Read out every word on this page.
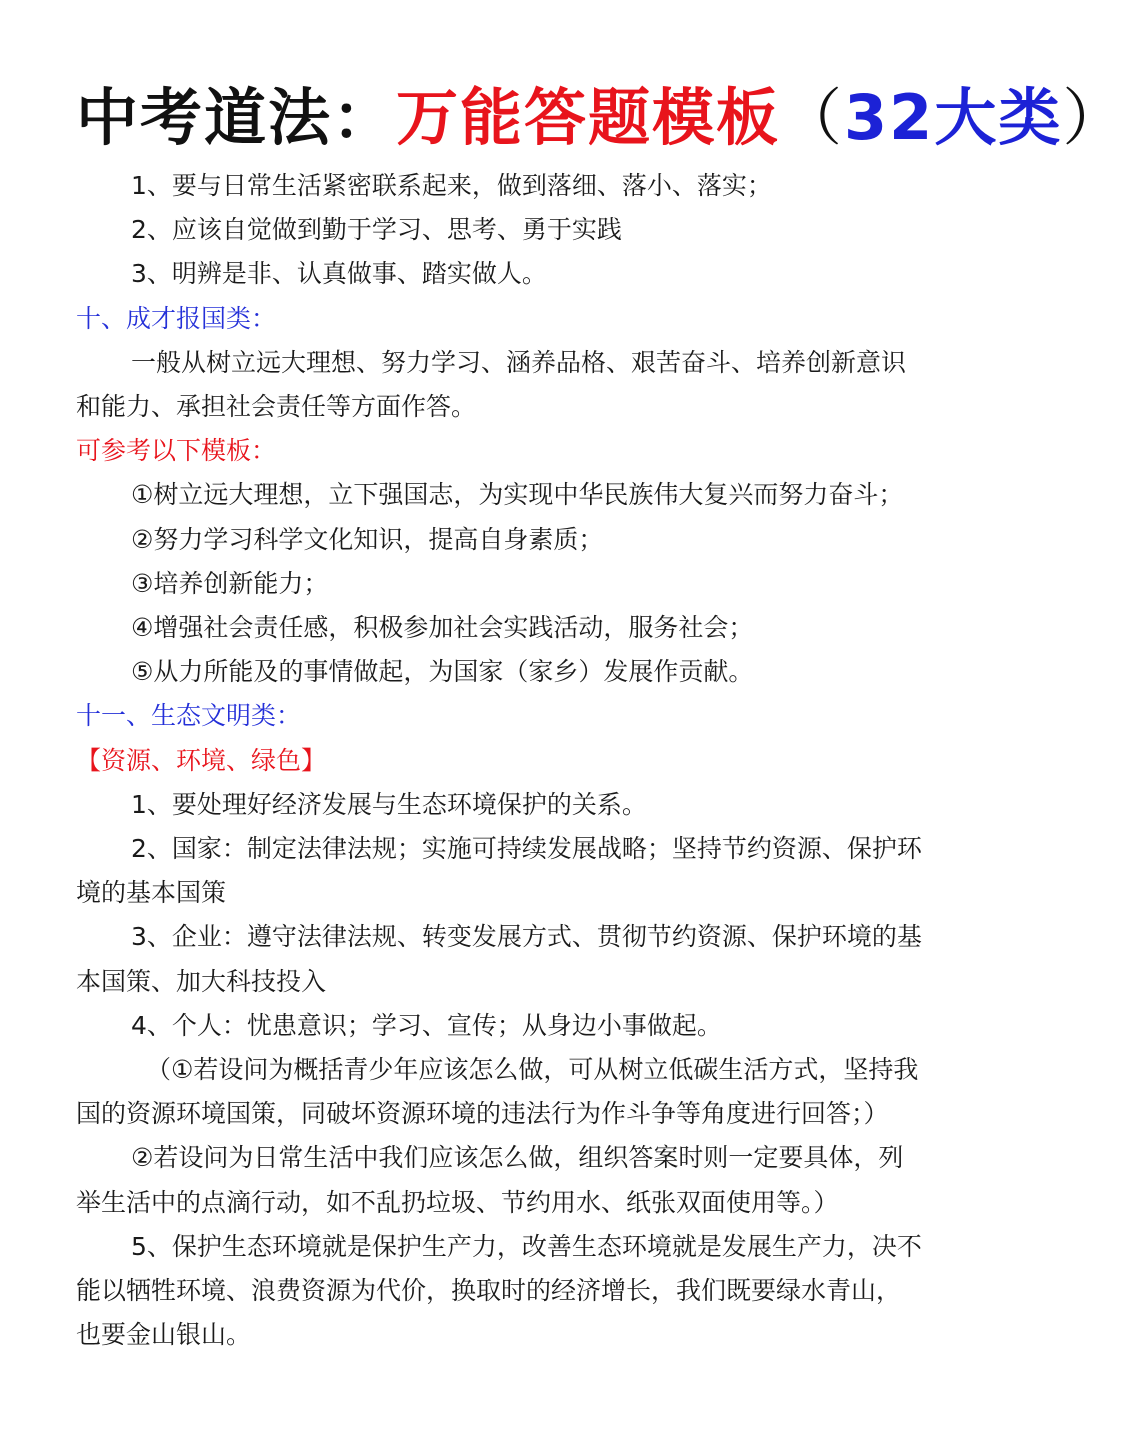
中考道法：万能答题模板（32大类）
1、要与日常生活紧密联系起来，做到落细、落小、落实；
2、应该自觉做到勤于学习、思考、勇于实践
3、明辨是非、认真做事、踏实做人。
十、成才报国类：
一般从树立远大理想、努力学习、涵养品格、艰苦奋斗、培养创新意识
和能力、承担社会责任等方面作答。
可参考以下模板：
①树立远大理想，立下强国志，为实现中华民族伟大复兴而努力奋斗；
②努力学习科学文化知识，提高自身素质；
③培养创新能力；
④增强社会责任感，积极参加社会实践活动，服务社会；
⑤从力所能及的事情做起，为国家（家乡）发展作贡献。
十一、生态文明类：
【资源、环境、绿色】
1、要处理好经济发展与生态环境保护的关系。
2、国家：制定法律法规；实施可持续发展战略；坚持节约资源、保护环
境的基本国策
3、企业：遵守法律法规、转变发展方式、贯彻节约资源、保护环境的基
本国策、加大科技投入
4、个人：忧患意识；学习、宣传；从身边小事做起。
（①若设问为概括青少年应该怎么做，可从树立低碳生活方式，坚持我
国的资源环境国策，同破坏资源环境的违法行为作斗争等角度进行回答；）
②若设问为日常生活中我们应该怎么做，组织答案时则一定要具体，列
举生活中的点滴行动，如不乱扔垃圾、节约用水、纸张双面使用等。）
5、保护生态环境就是保护生产力，改善生态环境就是发展生产力，决不
能以牺牲环境、浪费资源为代价，换取时的经济增长，我们既要绿水青山，
也要金山银山。
